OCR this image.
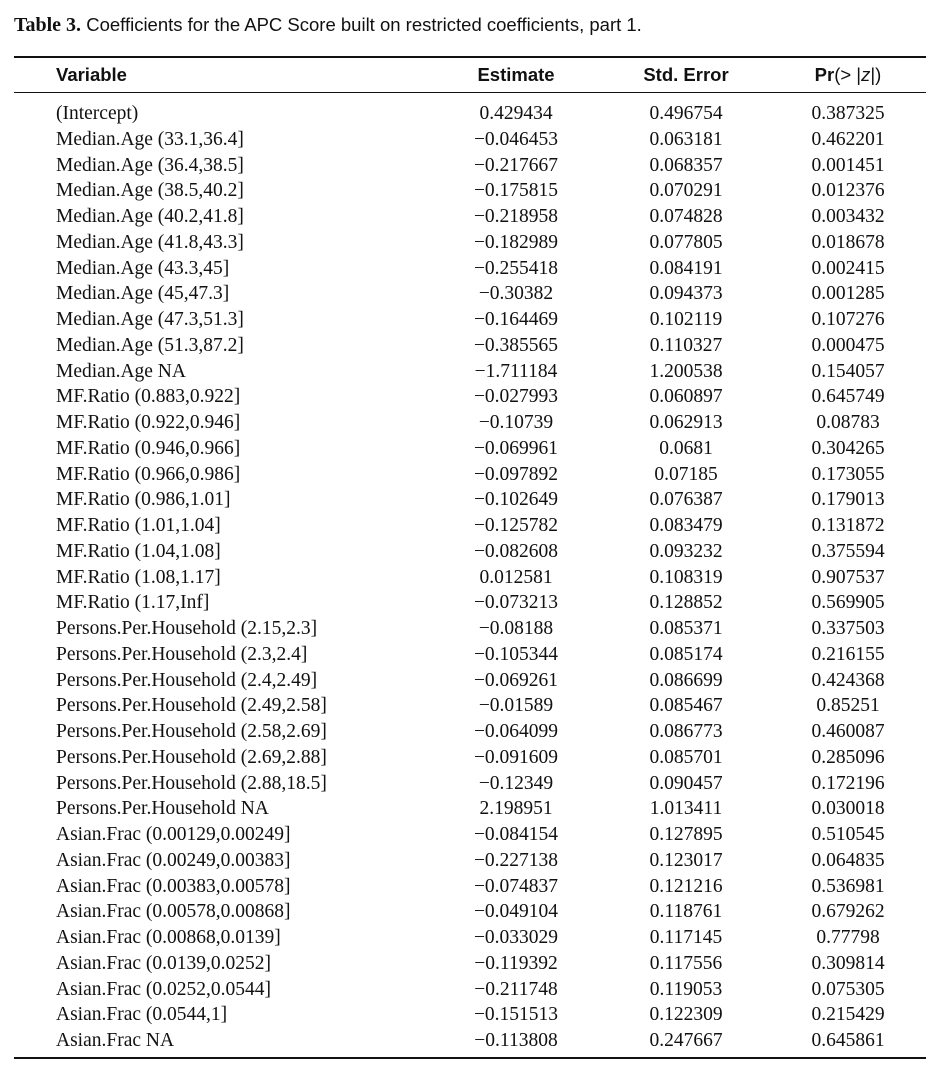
Table 3. Coefficients for the APC Score built on restricted coefficients, part 1.
Variable	Estimate	Std. Error	Pr(> |z|)
(Intercept)	0.429434	0.496754	0.387325
Median.Age (33.1,36.4]	−0.046453	0.063181	0.462201
Median.Age (36.4,38.5]	−0.217667	0.068357	0.001451
Median.Age (38.5,40.2]	−0.175815	0.070291	0.012376
Median.Age (40.2,41.8]	−0.218958	0.074828	0.003432
Median.Age (41.8,43.3]	−0.182989	0.077805	0.018678
Median.Age (43.3,45]	−0.255418	0.084191	0.002415
Median.Age (45,47.3]	−0.30382	0.094373	0.001285
Median.Age (47.3,51.3]	−0.164469	0.102119	0.107276
Median.Age (51.3,87.2]	−0.385565	0.110327	0.000475
Median.Age NA	−1.711184	1.200538	0.154057
MF.Ratio (0.883,0.922]	−0.027993	0.060897	0.645749
MF.Ratio (0.922,0.946]	−0.10739	0.062913	0.08783
MF.Ratio (0.946,0.966]	−0.069961	0.0681	0.304265
MF.Ratio (0.966,0.986]	−0.097892	0.07185	0.173055
MF.Ratio (0.986,1.01]	−0.102649	0.076387	0.179013
MF.Ratio (1.01,1.04]	−0.125782	0.083479	0.131872
MF.Ratio (1.04,1.08]	−0.082608	0.093232	0.375594
MF.Ratio (1.08,1.17]	0.012581	0.108319	0.907537
MF.Ratio (1.17,Inf]	−0.073213	0.128852	0.569905
Persons.Per.Household (2.15,2.3]	−0.08188	0.085371	0.337503
Persons.Per.Household (2.3,2.4]	−0.105344	0.085174	0.216155
Persons.Per.Household (2.4,2.49]	−0.069261	0.086699	0.424368
Persons.Per.Household (2.49,2.58]	−0.01589	0.085467	0.85251
Persons.Per.Household (2.58,2.69]	−0.064099	0.086773	0.460087
Persons.Per.Household (2.69,2.88]	−0.091609	0.085701	0.285096
Persons.Per.Household (2.88,18.5]	−0.12349	0.090457	0.172196
Persons.Per.Household NA	2.198951	1.013411	0.030018
Asian.Frac (0.00129,0.00249]	−0.084154	0.127895	0.510545
Asian.Frac (0.00249,0.00383]	−0.227138	0.123017	0.064835
Asian.Frac (0.00383,0.00578]	−0.074837	0.121216	0.536981
Asian.Frac (0.00578,0.00868]	−0.049104	0.118761	0.679262
Asian.Frac (0.00868,0.0139]	−0.033029	0.117145	0.77798
Asian.Frac (0.0139,0.0252]	−0.119392	0.117556	0.309814
Asian.Frac (0.0252,0.0544]	−0.211748	0.119053	0.075305
Asian.Frac (0.0544,1]	−0.151513	0.122309	0.215429
Asian.Frac NA	−0.113808	0.247667	0.645861
